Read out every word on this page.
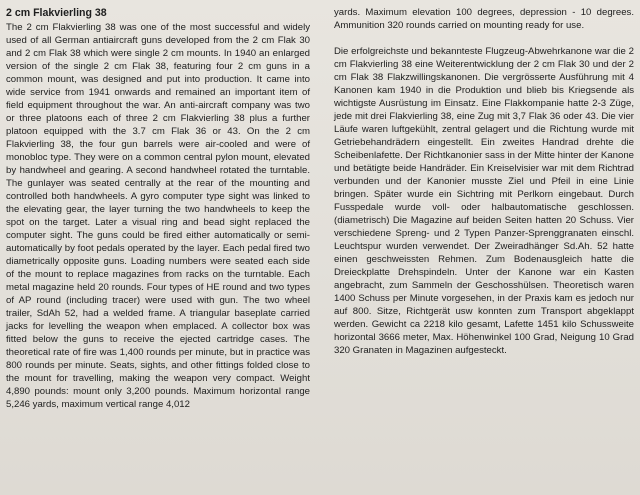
2 cm Flakvierling 38

The 2 cm Flakvierling 38 was one of the most successful and widely used of all German antiaircraft guns developed from the 2 cm Flak 30 and 2 cm Flak 38 which were single 2 cm mounts. In 1940 an enlarged version of the single 2 cm Flak 38, featuring four 2 cm guns in a common mount, was designed and put into production. It came into wide service from 1941 onwards and remained an important item of field equipment throughout the war. An anti-aircraft company was two or three platoons each of three 2 cm Flakvierling 38 plus a further platoon equipped with the 3.7 cm Flak 36 or 43. On the 2 cm Flakvierling 38, the four gun barrels were air-cooled and were of monobloc type. They were on a common central pylon mount, elevated by handwheel and gearing. A second handwheel rotated the turntable. The gunlayer was seated centrally at the rear of the mounting and controlled both handwheels. A gyro computer type sight was linked to the elevating gear, the layer turning the two handwheels to keep the spot on the target. Later a visual ring and bead sight replaced the computer sight. The guns could be fired either automatically or semi-automatically by foot pedals operated by the layer. Each pedal fired two diametrically opposite guns. Loading numbers were seated each side of the mount to replace magazines from racks on the turntable. Each metal magazine held 20 rounds. Four types of HE round and two types of AP round (including tracer) were used with gun. The two wheel trailer, SdAh 52, had a welded frame. A triangular baseplate carried jacks for levelling the weapon when emplaced. A collector box was fitted below the guns to receive the ejected cartridge cases. The theoretical rate of fire was 1,400 rounds per minute, but in practice was 800 rounds per minute. Seats, sights, and other fittings folded close to the mount for travelling, making the weapon very compact. Weight 4,890 pounds: mount only 3,200 pounds. Maximum horizontal range 5,246 yards, maximum vertical range 4,012

yards. Maximum elevation 100 degrees, depression - 10 degrees. Ammunition 320 rounds carried on mounting ready for use.

Die erfolgreichste und bekannteste Flugzeug-Abwehrkanone war die 2 cm Flakvierling 38 eine Weiterentwicklung der 2 cm Flak 30 und der 2 cm Flak 38 Flakzwillingskanonen. Die vergrösserte Ausführung mit 4 Kanonen kam 1940 in die Produktion und blieb bis Kriegsende als wichtigste Ausrüstung im Einsatz. Eine Flakkompanie hatte 2-3 Züge, jede mit drei Flakvierling 38, eine Zug mit 3,7 Flak 36 oder 43. Die vier Läufe waren luftgekühlt, zentral gelagert und die Richtung wurde mit Getriebehandrädern eingestellt. Ein zweites Handrad drehte die Scheibenlafette. Der Richtkanonier sass in der Mitte hinter der Kanone und betätigte beide Handräder. Ein Kreiselvisier war mit dem Richtrad verbunden und der Kanonier musste Ziel und Pfeil in eine Linie bringen. Später wurde ein Sichtring mit Perlkorn eingebaut. Durch Fusspedale wurde voll- oder halbautomatische geschlossen. (diametrisch) Die Magazine auf beiden Seiten hatten 20 Schuss. Vier verschiedene Spreng- und 2 Typen Panzer-Sprenggranaten einschl. Leuchtspur wurden verwendet. Der Zweiradhänger Sd.Ah. 52 hatte einen geschweissten Rehmen. Zum Bodenausgleich hatte die Dreieckplatte Drehspindeln. Unter der Kanone war ein Kasten angebracht, zum Sammeln der Geschosshülsen. Theoretisch waren 1400 Schuss per Minute vorgesehen, in der Praxis kam es jedoch nur auf 800. Sitze, Richtgerät usw konnten zum Transport abgeklappt werden. Gewicht ca 2218 kilo gesamt, Lafette 1451 kilo Schussweite horizontal 3666 meter, Max. Höhenwinkel 100 Grad, Neigung 10 Grad 320 Granaten in Magazinen aufgesteckt.
